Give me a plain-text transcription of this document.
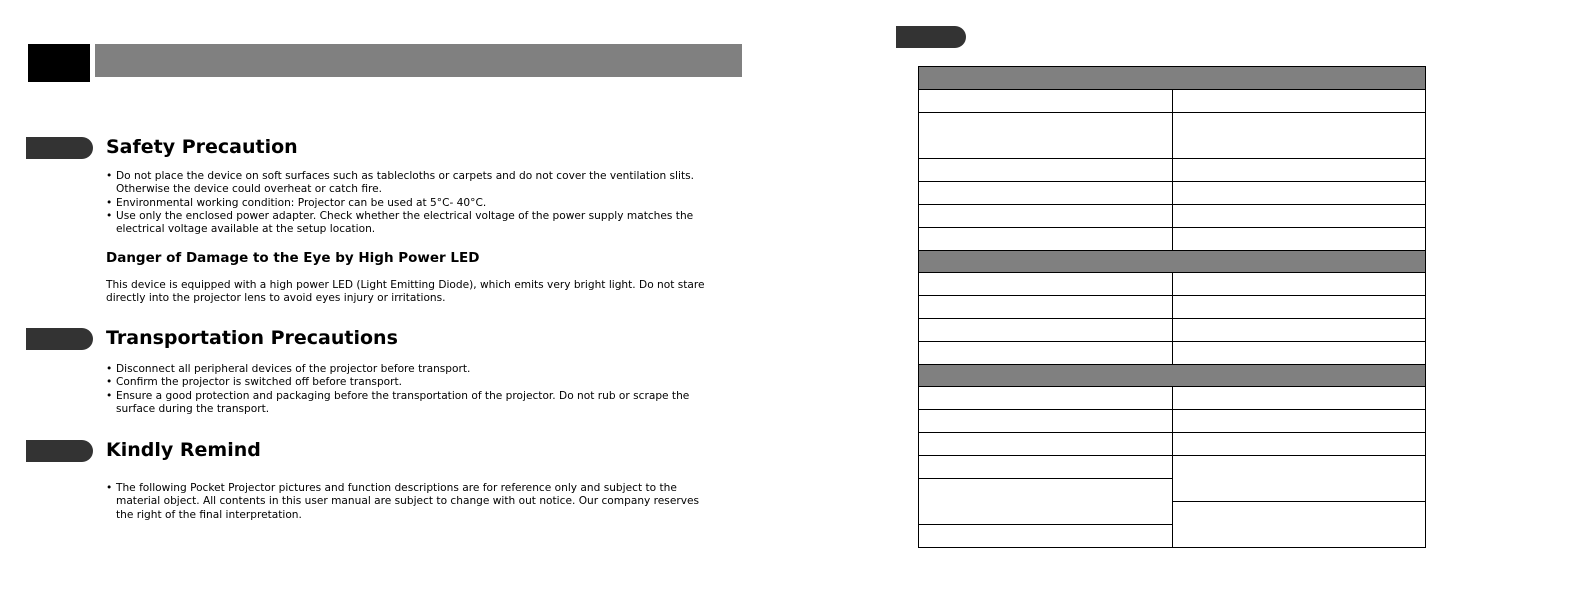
Safety Precaution
• Do not place the device on soft surfaces such as tablecloths or carpets and do not cover the ventilation slits. Otherwise the device could overheat or catch fire.
• Environmental working condition: Projector can be used at 5°C- 40°C.
• Use only the enclosed power adapter. Check whether the electrical voltage of the power supply matches the electrical voltage available at the setup location.
Danger of Damage to the Eye by High Power LED

This device is equipped with a high power LED (Light Emitting Diode), which emits very bright light. Do not stare directly into the projector lens to avoid eyes injury or irritations.

Transportation Precautions
• Disconnect all peripheral devices of the projector before transport.
• Confirm the projector is switched off before transport.
• Ensure a good protection and packaging before the transportation of the projector. Do not rub or scrape the surface during the transport.
Kindly Remind
• The following Pocket Projector pictures and function descriptions are for reference only and subject to the material object. All contents in this user manual are subject to change with out notice. Our company reserves the right of the final interpretation.
